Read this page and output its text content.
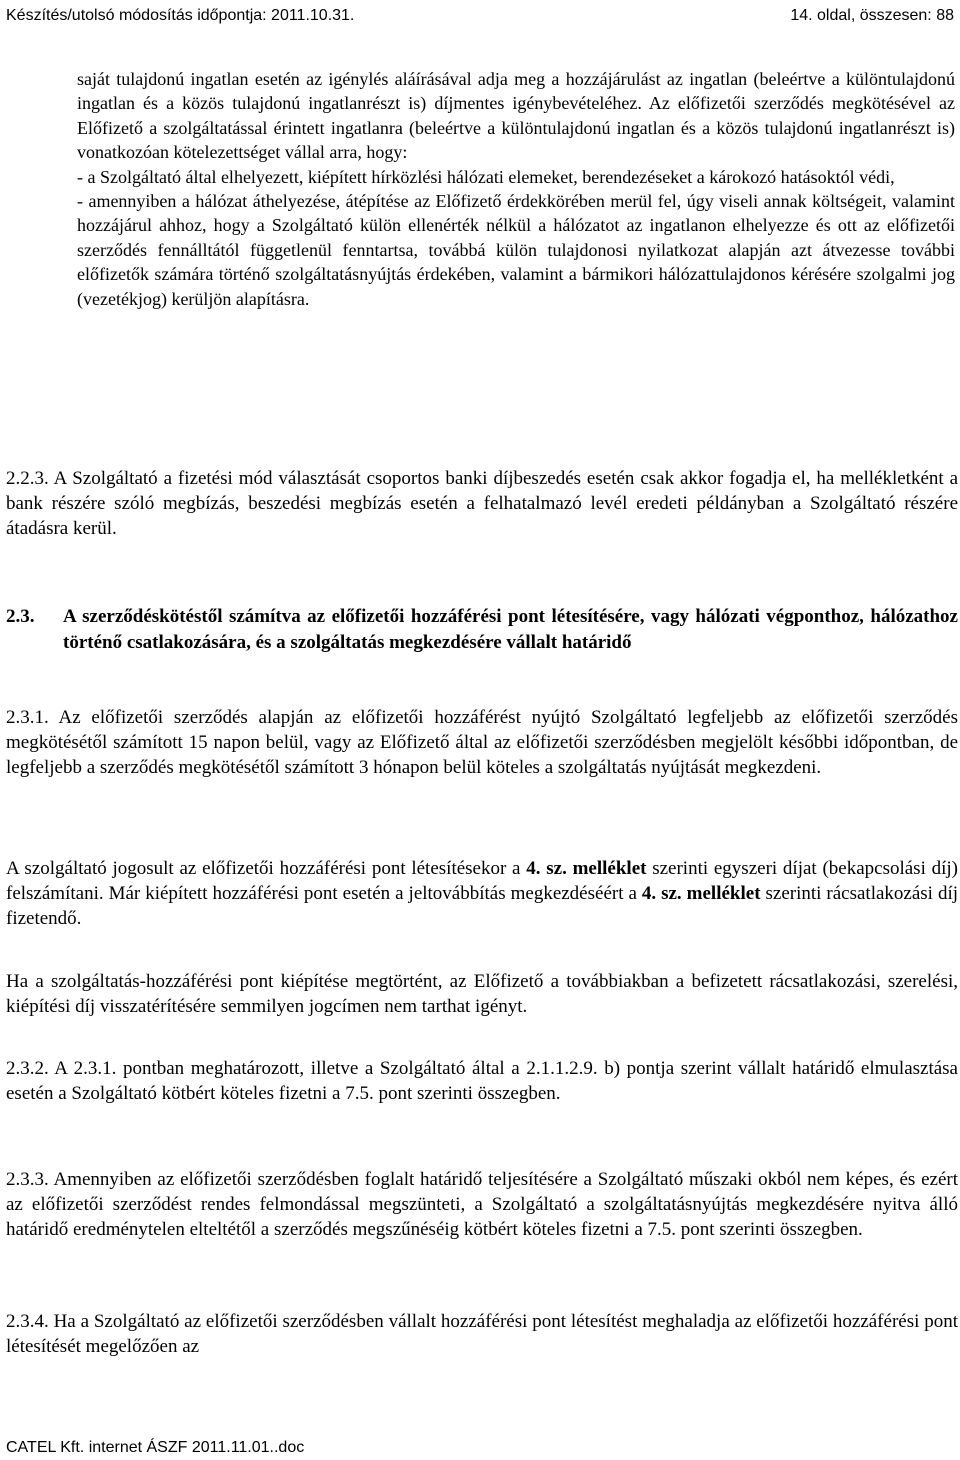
Készítés/utolsó módosítás időpontja: 2011.10.31.	14. oldal, összesen: 88
saját tulajdonú ingatlan esetén az igénylés aláírásával adja meg a hozzájárulást az ingatlan (beleértve a különtulajdonú ingatlan és a közös tulajdonú ingatlanrészt is) díjmentes igénybevételéhez. Az előfizetői szerződés megkötésével az Előfizető a szolgáltatással érintett ingatlanra (beleértve a különtulajdonú ingatlan és a közös tulajdonú ingatlanrészt is) vonatkozóan kötelezettséget vállal arra, hogy:
- a Szolgáltató által elhelyezett, kiépített hírközlési hálózati elemeket, berendezéseket a károkozó hatásoktól védi,
- amennyiben a hálózat áthelyezése, átépítése az Előfizető érdekkörében merül fel, úgy viseli annak költségeit, valamint hozzájárul ahhoz, hogy a Szolgáltató külön ellenérték nélkül a hálózatot az ingatlanon elhelyezze és ott az előfizetői szerződés fennálltától függetlenül fenntartsa, továbbá külön tulajdonosi nyilatkozat alapján azt átvezesse további előfizetők számára történő szolgáltatásnyújtás érdekében, valamint a bármikori hálózattulajdonos kérésére szolgalmi jog (vezetékjog) kerüljön alapításra.

2.2.3. A Szolgáltató a fizetési mód választását csoportos banki díjbeszedés esetén csak akkor fogadja el, ha mellékletként a bank részére szóló megbízás, beszedési megbízás esetén a felhatalmazó levél eredeti példányban a Szolgáltató részére átadásra kerül.

2.3. A szerződéskötéstől számítva az előfizetői hozzáférési pont létesítésére, vagy hálózati végponthoz, hálózathoz történő csatlakozására, és a szolgáltatás megkezdésére vállalt határidő

2.3.1. Az előfizetői szerződés alapján az előfizetői hozzáférést nyújtó Szolgáltató legfeljebb az előfizetői szerződés megkötésétől számított 15 napon belül, vagy az Előfizető által az előfizetői szerződésben megjelölt későbbi időpontban, de legfeljebb a szerződés megkötésétől számított 3 hónapon belül köteles a szolgáltatás nyújtását megkezdeni.

A szolgáltató jogosult az előfizetői hozzáférési pont létesítésekor a 4. sz. melléklet szerinti egyszeri díjat (bekapcsolási díj) felszámítani. Már kiépített hozzáférési pont esetén a jeltovábbítás megkezdéséért a 4. sz. melléklet szerinti rácsatlakozási díj fizetendő.

Ha a szolgáltatás-hozzáférési pont kiépítése megtörtént, az Előfizető a továbbiakban a befizetett rácsatlakozási, szerelési, kiépítési díj visszatérítésére semmilyen jogcímen nem tarthat igényt.

2.3.2. A 2.3.1. pontban meghatározott, illetve a Szolgáltató által a 2.1.1.2.9. b) pontja szerint vállalt határidő elmulasztása esetén a Szolgáltató kötbért köteles fizetni a 7.5. pont szerinti összegben.

2.3.3. Amennyiben az előfizetői szerződésben foglalt határidő teljesítésére a Szolgáltató műszaki okból nem képes, és ezért az előfizetői szerződést rendes felmondással megszünteti, a Szolgáltató a szolgáltatásnyújtás megkezdésére nyitva álló határidő eredménytelen elteltétől a szerződés megszűnéséig kötbért köteles fizetni a 7.5. pont szerinti összegben.

2.3.4. Ha a Szolgáltató az előfizetői szerződésben vállalt hozzáférési pont létesítést meghaladja az előfizetői hozzáférési pont létesítését megelőzően az

CATEL Kft. internet ÁSZF 2011.11.01..doc
